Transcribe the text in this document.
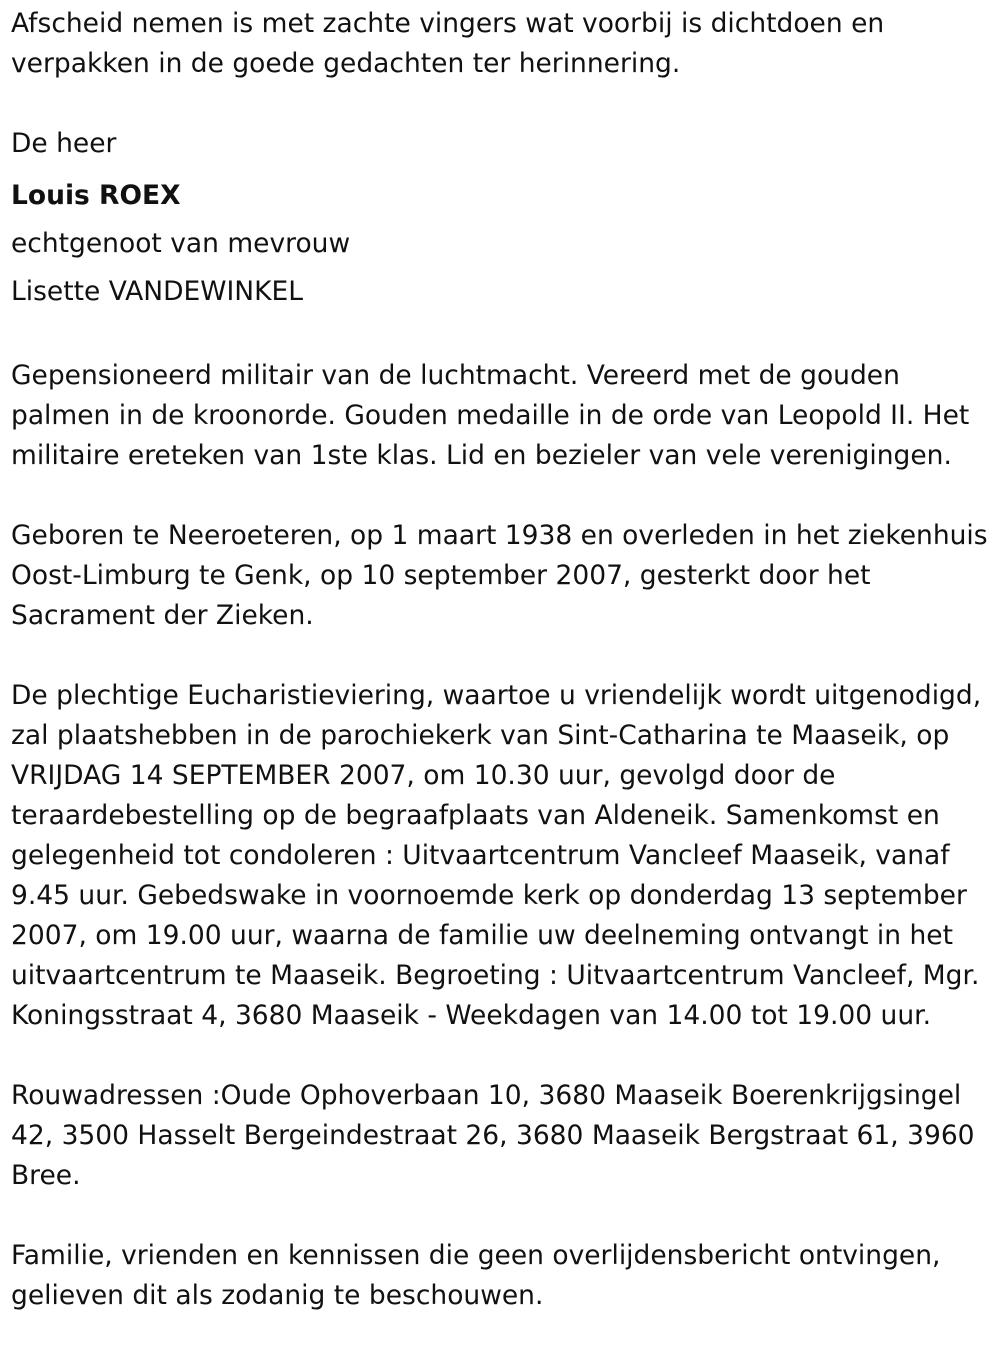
Afscheid nemen is met zachte vingers wat voorbij is dichtdoen en verpakken in de goede gedachten ter herinnering.

De heer

Louis ROEX

echtgenoot van mevrouw

Lisette VANDEWINKEL

Gepensioneerd militair van de luchtmacht. Vereerd met de gouden palmen in de kroonorde. Gouden medaille in de orde van Leopold II. Het militaire ereteken van 1ste klas. Lid en bezieler van vele verenigingen.

Geboren te Neeroeteren, op 1 maart 1938 en overleden in het ziekenhuis Oost-Limburg te Genk, op 10 september 2007, gesterkt door het Sacrament der Zieken.

De plechtige Eucharistieviering, waartoe u vriendelijk wordt uitgenodigd, zal plaatshebben in de parochiekerk van Sint-Catharina te Maaseik, op VRIJDAG 14 SEPTEMBER 2007, om 10.30 uur, gevolgd door de teraardebestelling op de begraafplaats van Aldeneik. Samenkomst en gelegenheid tot condoleren : Uitvaartcentrum Vancleef Maaseik, vanaf 9.45 uur. Gebedswake in voornoemde kerk op donderdag 13 september 2007, om 19.00 uur, waarna de familie uw deelneming ontvangt in het uitvaartcentrum te Maaseik. Begroeting : Uitvaartcentrum Vancleef, Mgr. Koningsstraat 4, 3680 Maaseik - Weekdagen van 14.00 tot 19.00 uur.

Rouwadressen :Oude Ophoverbaan 10, 3680 Maaseik Boerenkrijgsingel 42, 3500 Hasselt Bergeindestraat 26, 3680 Maaseik Bergstraat 61, 3960 Bree.

Familie, vrienden en kennissen die geen overlijdensbericht ontvingen, gelieven dit als zodanig te beschouwen.
